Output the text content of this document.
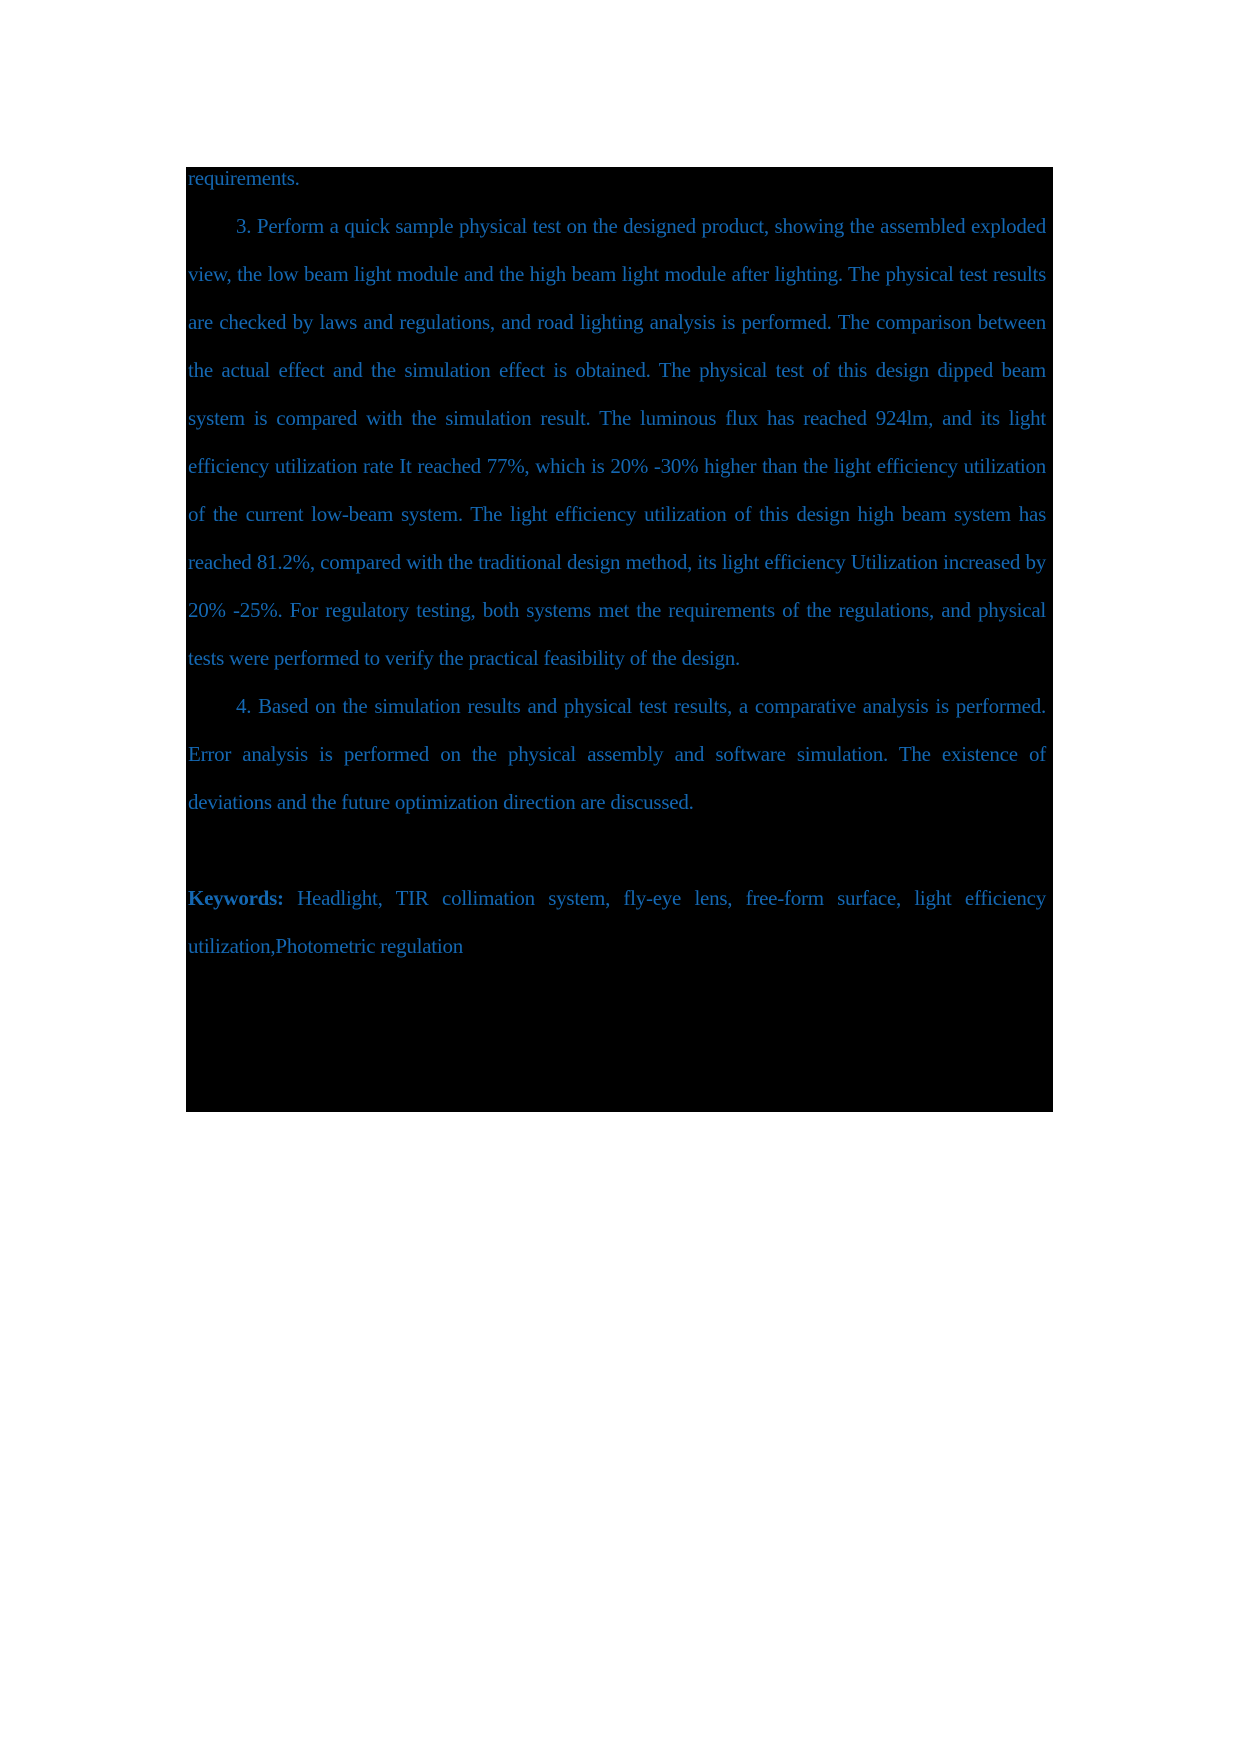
requirements.

3. Perform a quick sample physical test on the designed product, showing the assembled exploded view, the low beam light module and the high beam light module after lighting. The physical test results are checked by laws and regulations, and road lighting analysis is performed. The comparison between the actual effect and the simulation effect is obtained. The physical test of this design dipped beam system is compared with the simulation result. The luminous flux has reached 924lm, and its light efficiency utilization rate It reached 77%, which is 20% -30% higher than the light efficiency utilization of the current low-beam system. The light efficiency utilization of this design high beam system has reached 81.2%, compared with the traditional design method, its light efficiency Utilization increased by 20% -25%. For regulatory testing, both systems met the requirements of the regulations, and physical tests were performed to verify the practical feasibility of the design.

4. Based on the simulation results and physical test results, a comparative analysis is performed. Error analysis is performed on the physical assembly and software simulation. The existence of deviations and the future optimization direction are discussed.

Keywords: Headlight, TIR collimation system, fly-eye lens, free-form surface, light efficiency utilization,Photometric regulation
